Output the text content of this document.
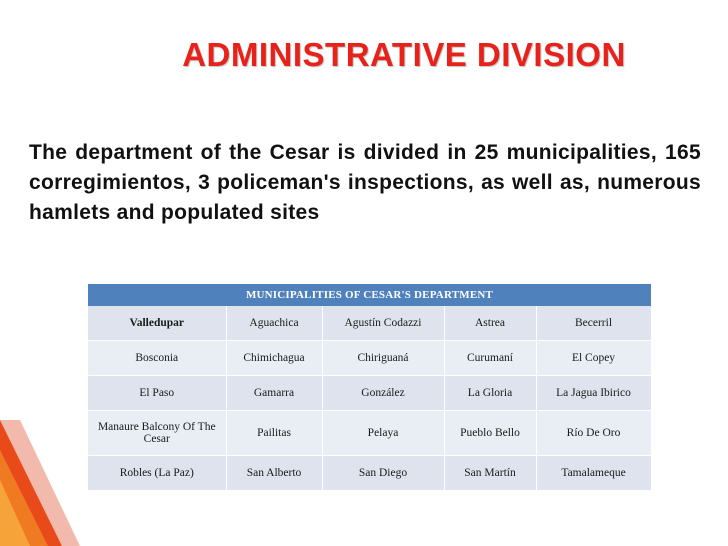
ADMINISTRATIVE DIVISION
The department of the Cesar is divided in 25 municipalities, 165 corregimientos, 3 policeman's inspections, as well as, numerous hamlets and populated sites
MUNICIPALITIES OF CESAR'S DEPARTMENT				
Valledupar	Aguachica	Agustín Codazzi	Astrea	Becerril
Bosconia	Chimichagua	Chiriguaná	Curumaní	El Copey
El Paso	Gamarra	González	La Gloria	La Jagua Ibirico
Manaure Balcony Of The Cesar	Pailitas	Pelaya	Pueblo Bello	Río De Oro
Robles (La Paz)	San Alberto	San Diego	San Martín	Tamalameque
